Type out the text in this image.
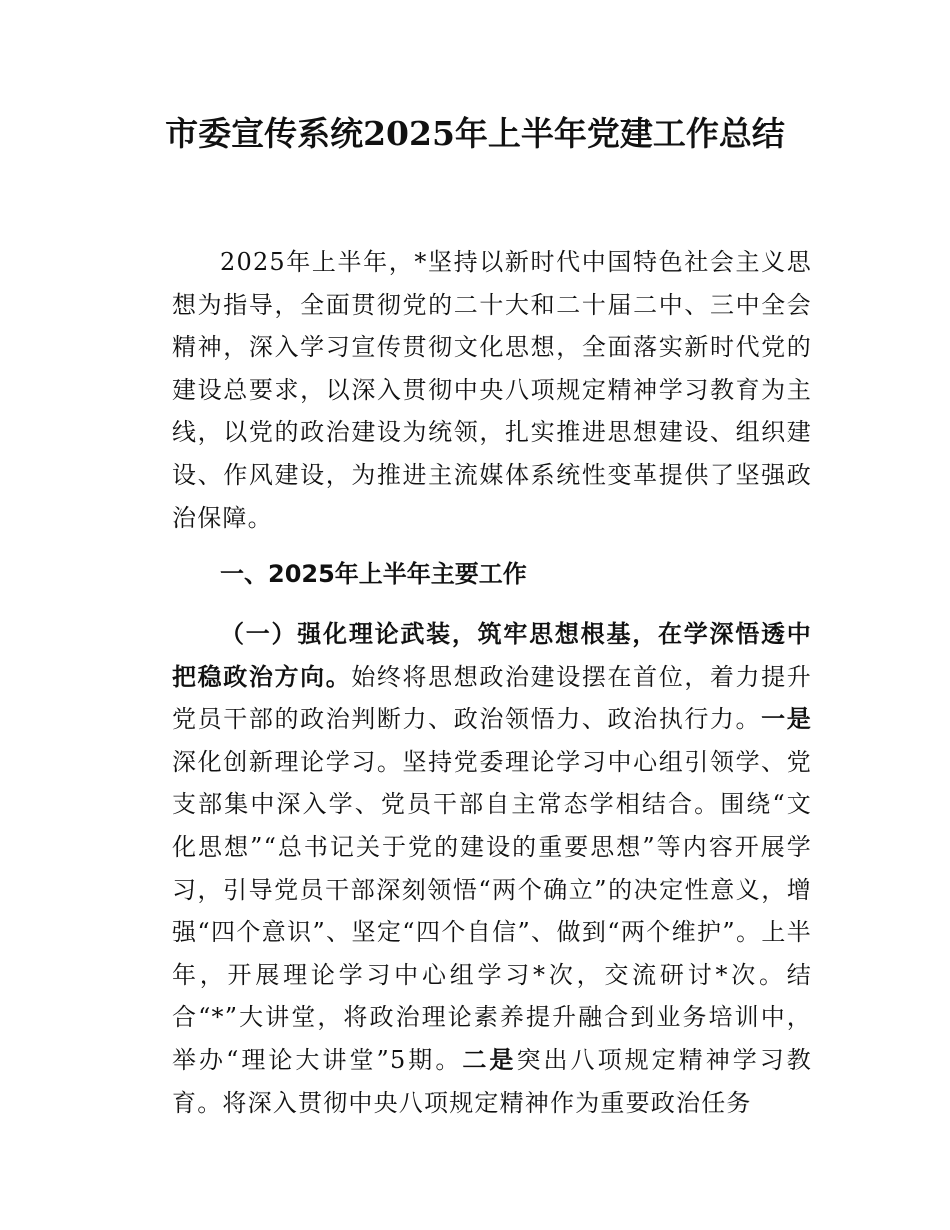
市委宣传系统2025年上半年党建工作总结

2025年上半年，*坚持以新时代中国特色社会主义思想为指导，全面贯彻党的二十大和二十届二中、三中全会精神，深入学习宣传贯彻文化思想，全面落实新时代党的建设总要求，以深入贯彻中央八项规定精神学习教育为主线，以党的政治建设为统领，扎实推进思想建设、组织建设、作风建设，为推进主流媒体系统性变革提供了坚强政治保障。

一、2025年上半年主要工作

（一）强化理论武装，筑牢思想根基，在学深悟透中把稳政治方向。始终将思想政治建设摆在首位，着力提升党员干部的政治判断力、政治领悟力、政治执行力。一是深化创新理论学习。坚持党委理论学习中心组引领学、党支部集中深入学、党员干部自主常态学相结合。围绕“文化思想”“总书记关于党的建设的重要思想”等内容开展学习，引导党员干部深刻领悟“两个确立”的决定性意义，增强“四个意识”、坚定“四个自信”、做到“两个维护”。上半年，开展理论学习中心组学习*次，交流研讨*次。结合“*”大讲堂，将政治理论素养提升融合到业务培训中，举办“理论大讲堂”5期。二是突出八项规定精神学习教育。将深入贯彻中央八项规定精神作为重要政治任务
